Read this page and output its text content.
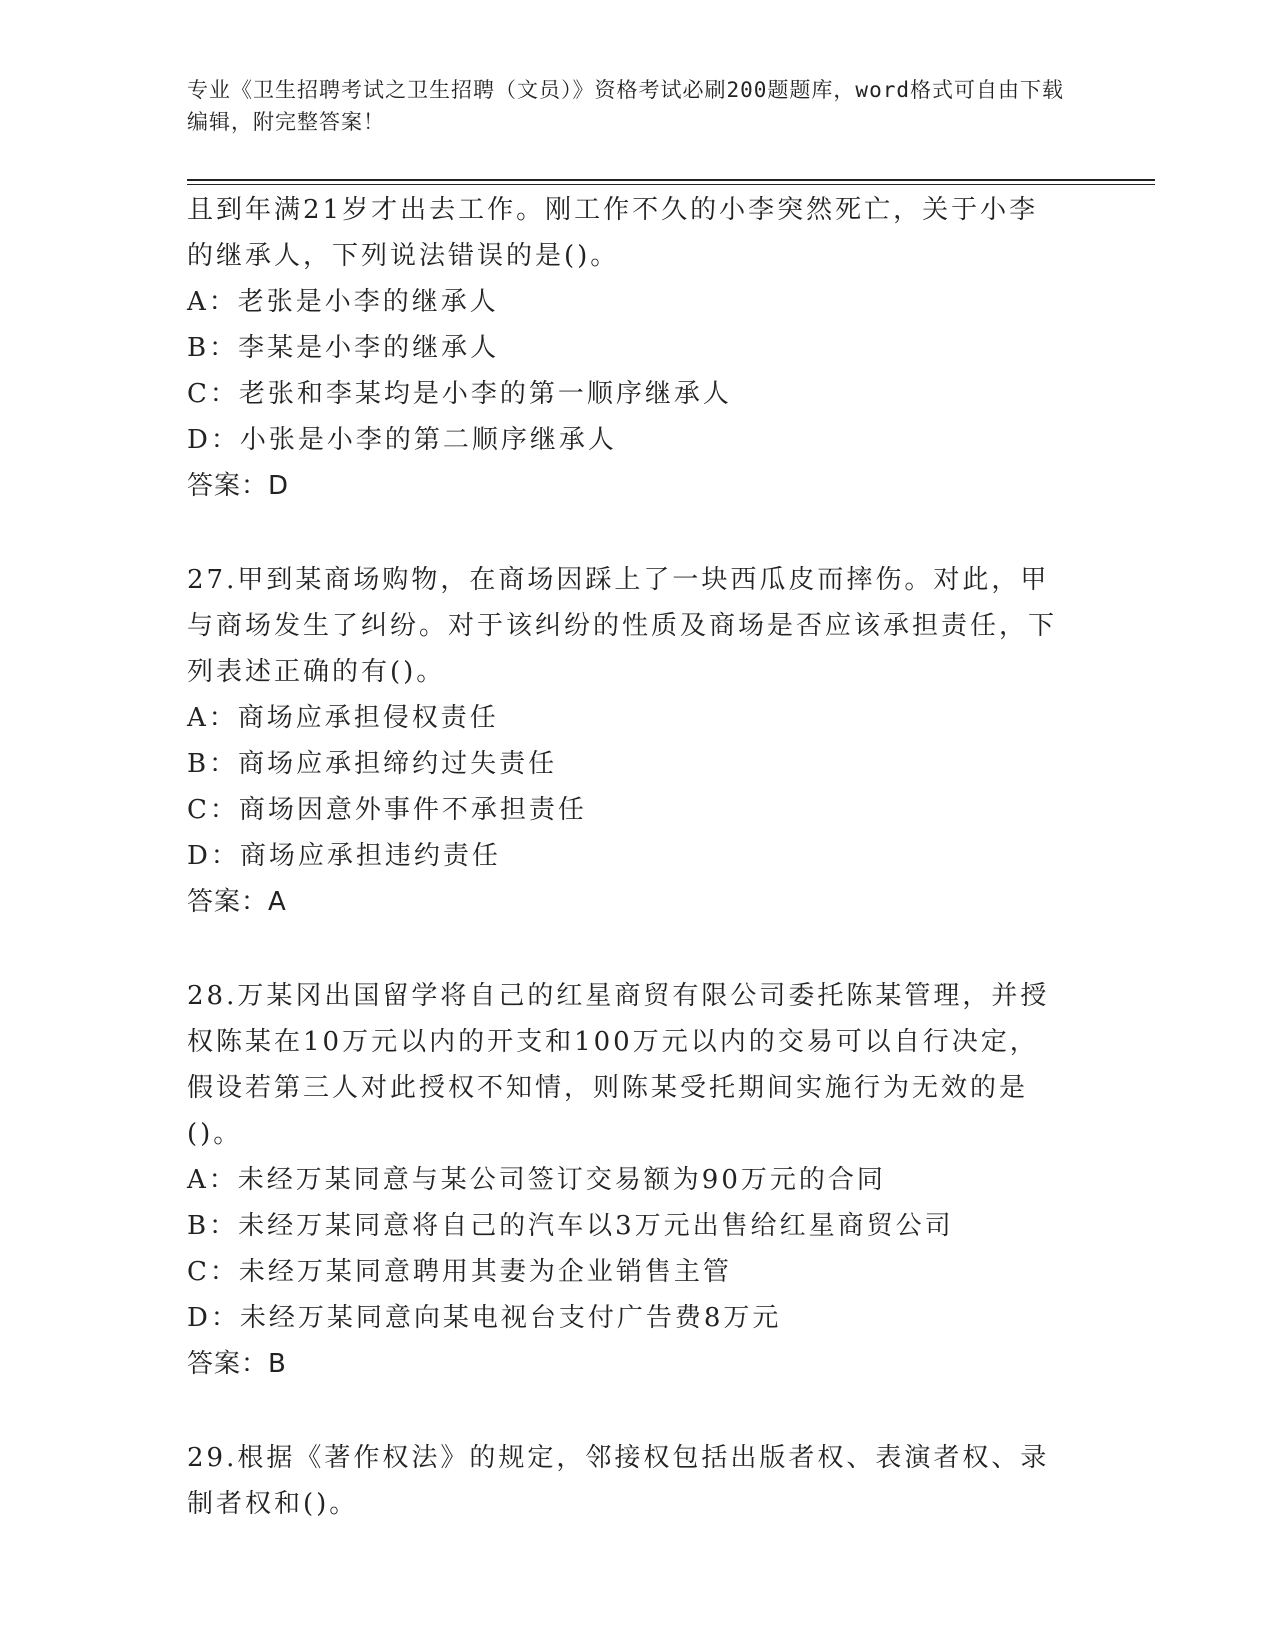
专业《卫生招聘考试之卫生招聘（文员）》资格考试必刷200题题库，word格式可自由下载编辑，附完整答案！

且到年满21岁才出去工作。刚工作不久的小李突然死亡，关于小李的继承人，下列说法错误的是()。

A：老张是小李的继承人

B：李某是小李的继承人

C：老张和李某均是小李的第一顺序继承人

D：小张是小李的第二顺序继承人

答案：D

27.甲到某商场购物，在商场因踩上了一块西瓜皮而摔伤。对此，甲与商场发生了纠纷。对于该纠纷的性质及商场是否应该承担责任，下列表述正确的有()。

A：商场应承担侵权责任

B：商场应承担缔约过失责任

C：商场因意外事件不承担责任

D：商场应承担违约责任

答案：A

28.万某冈出国留学将自己的红星商贸有限公司委托陈某管理，并授权陈某在10万元以内的开支和100万元以内的交易可以自行决定，假设若第三人对此授权不知情，则陈某受托期间实施行为无效的是()。

A：未经万某同意与某公司签订交易额为90万元的合同

B：未经万某同意将自己的汽车以3万元出售给红星商贸公司

C：未经万某同意聘用其妻为企业销售主管

D：未经万某同意向某电视台支付广告费8万元

答案：B

29.根据《著作权法》的规定，邻接权包括出版者权、表演者权、录制者权和()。
